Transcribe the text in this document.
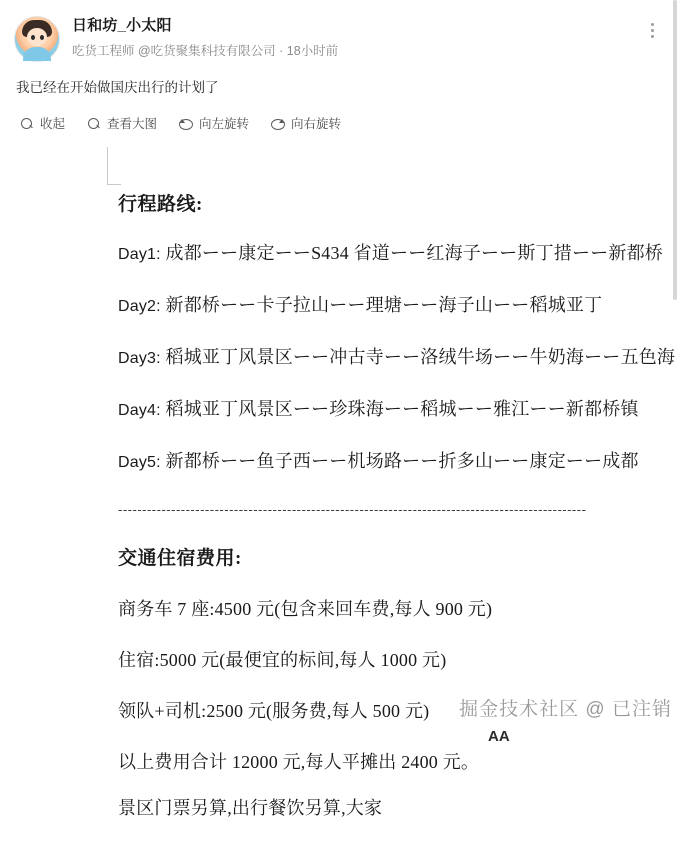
日和坊_小太阳
吃货工程师 @吃货聚集科技有限公司 · 18小时前
我已经在开始做国庆出行的计划了
收起	查看大图	向左旋转	向右旋转
行程路线:
Day1: 成都ーー康定ーーS434 省道ーー红海子ーー斯丁措ーー新都桥
Day2: 新都桥ーー卡子拉山ーー理塘ーー海子山ーー稻城亚丁
Day3: 稻城亚丁风景区ーー冲古寺ーー洛绒牛场ーー牛奶海ーー五色海
Day4: 稻城亚丁风景区ーー珍珠海ーー稻城ーー雅江ーー新都桥镇
Day5: 新都桥ーー鱼子西ーー机场路ーー折多山ーー康定ーー成都
-------------------------------------------------------------------------------------------------
交通住宿费用:
商务车 7 座:4500 元(包含来回车费,每人 900 元)
住宿:5000 元(最便宜的标间,每人 1000 元)
领队+司机:2500 元(服务费,每人 500 元)
以上费用合计 12000 元,每人平摊出 2400 元。
景区门票另算,出行餐饮另算,大家
AA
掘金技术社区 @ 已注销
